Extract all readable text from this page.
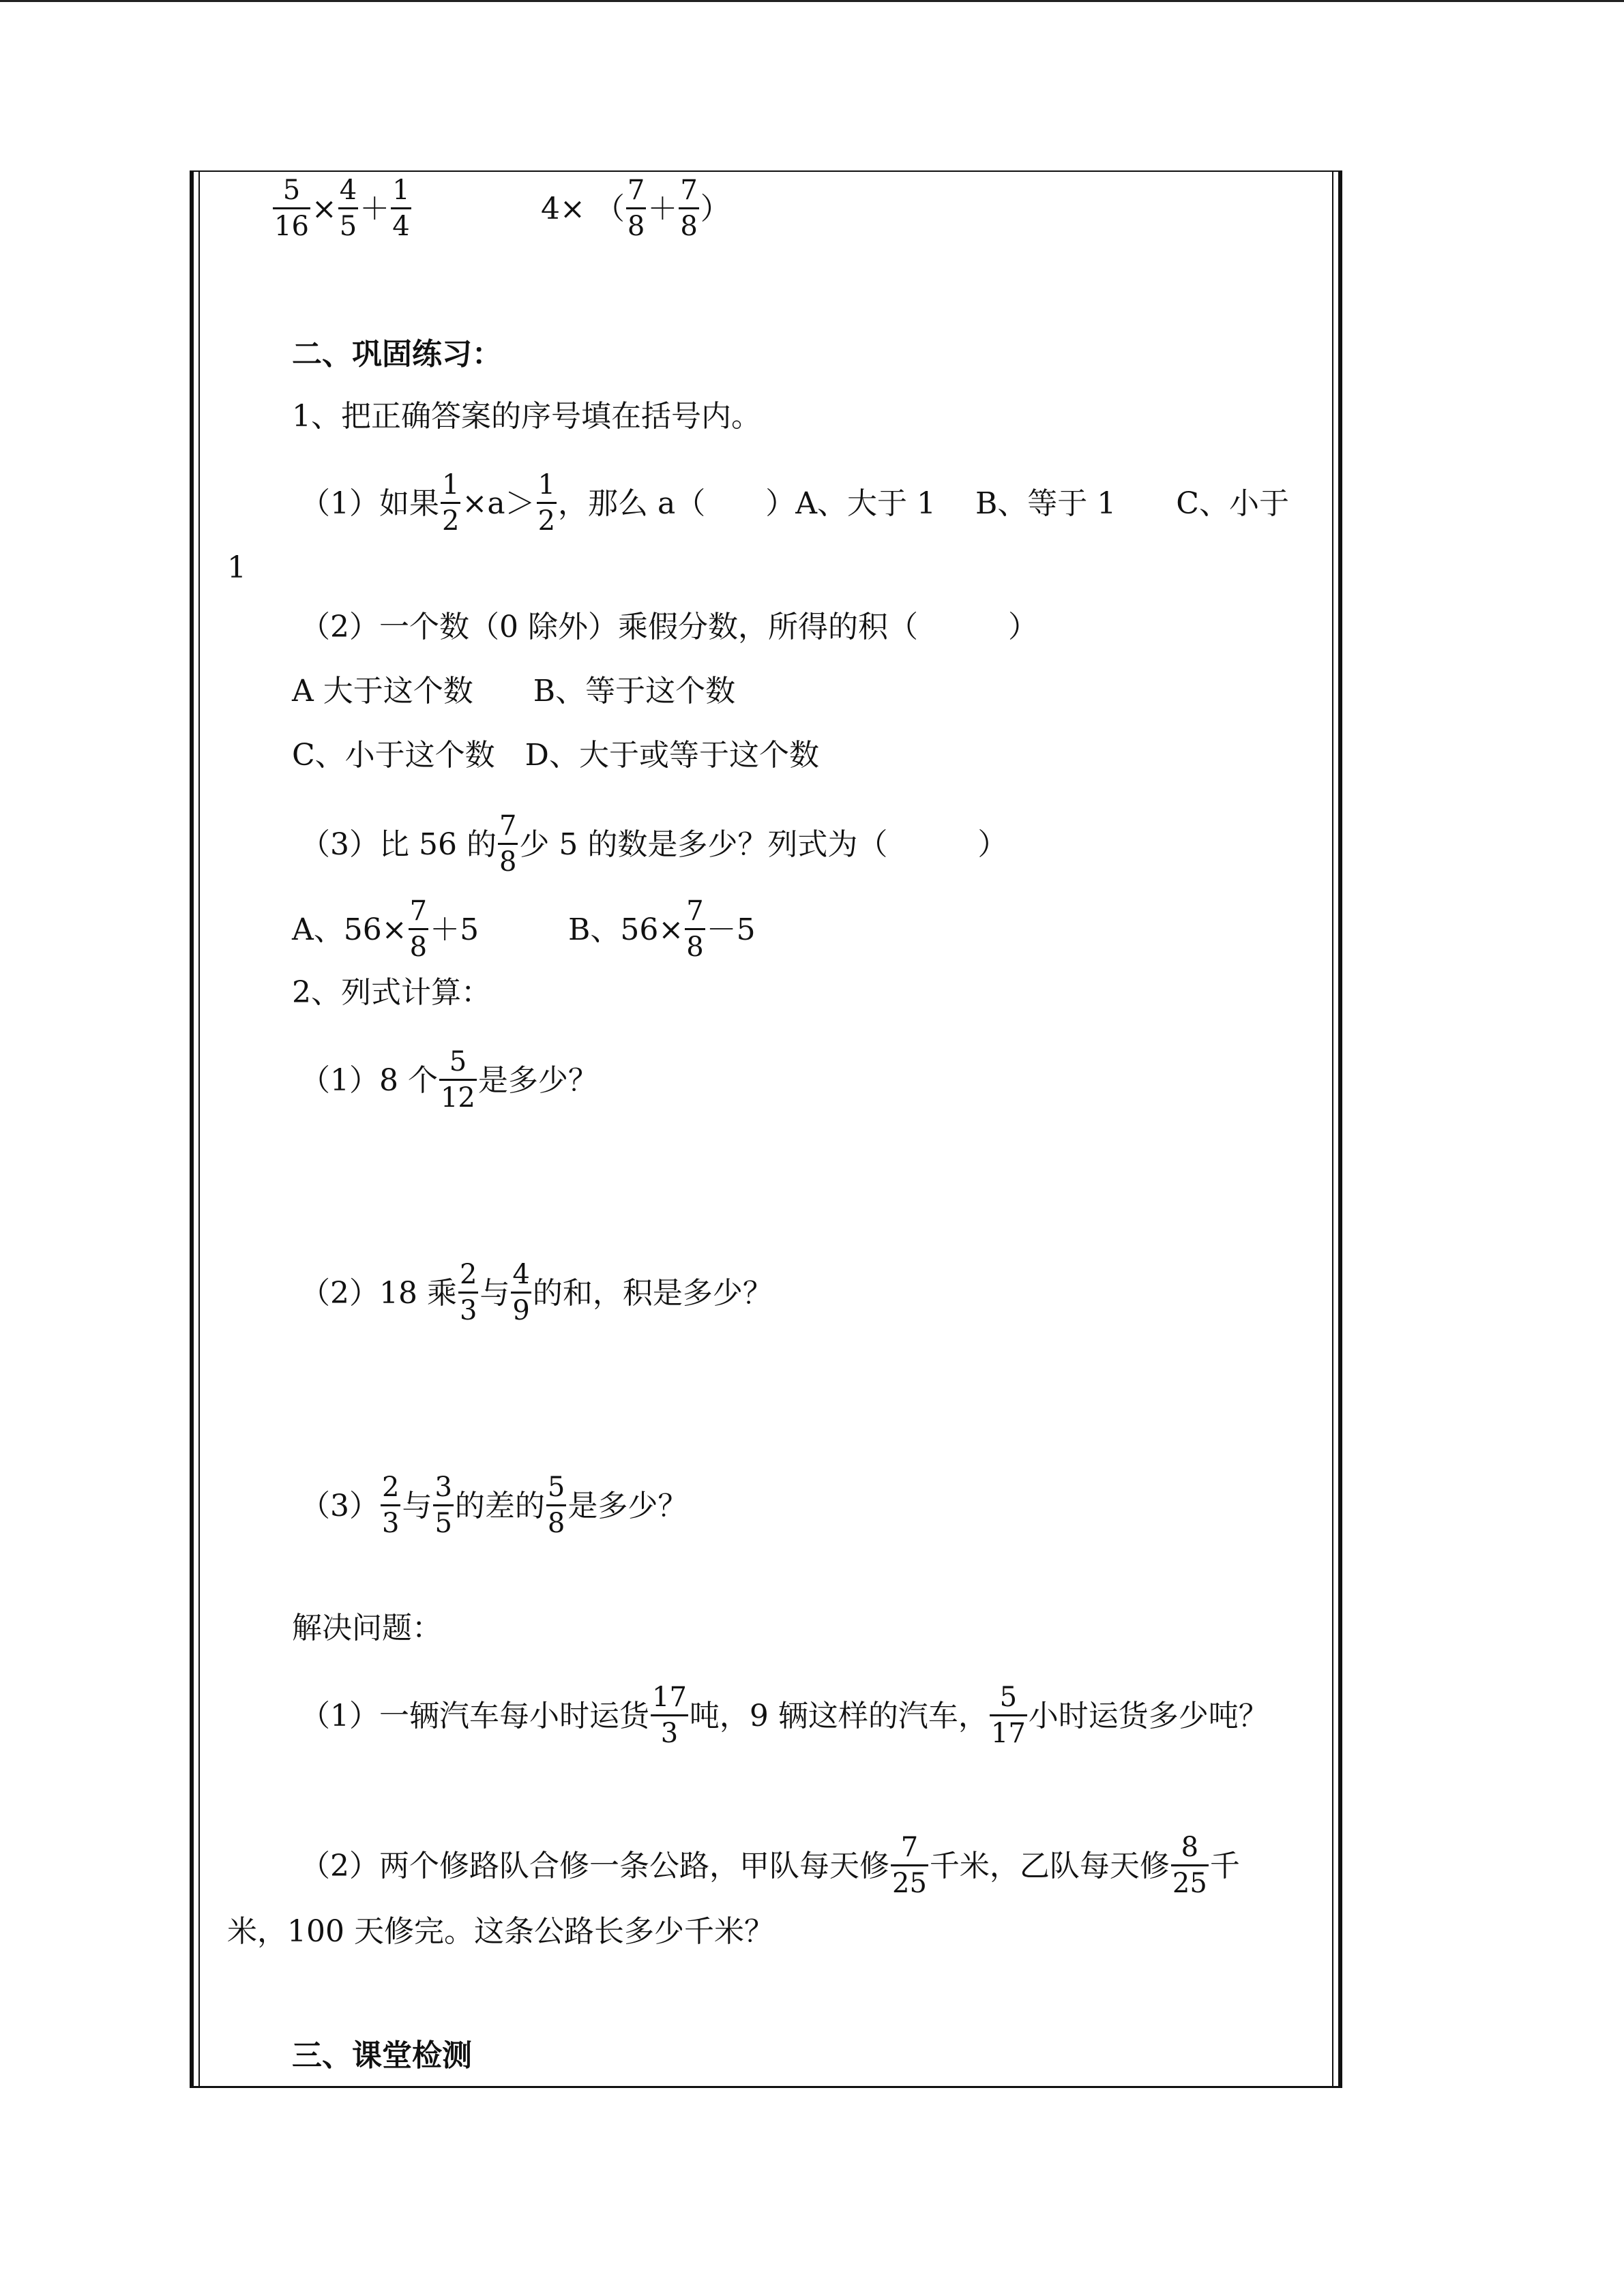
$\frac{5}{16} \times \frac{4}{5} + \frac{1}{4}$	4× （ $\frac{7}{8} + \frac{7}{8}$ ）
二、巩固练习：
1、把正确答案的序号填在括号内。
（1）如果 $\frac{1}{2} \times a> \frac{1}{2}$ ，那么 a（　　）A、大于 1　 B、等于 1　　C、小于
1
（2）一个数（0 除外）乘假分数，所得的积（　　　）
A 大于这个数　　B、等于这个数
C、小于这个数　D、大于或等于这个数
（3）比 56 的 $\frac{7}{8}$ 少 5 的数是多少？列式为（　　　）
A、$56\times \frac{7}{8} +5$	B、$56\times \frac{7}{8} -5$
2、列式计算：
（1）8 个 $\frac{5}{12}$ 是多少？
（2）18 乘 $\frac{2}{3}$ 与 $\frac{4}{9}$ 的和，积是多少？
$(3) \frac{2}{3}$ 与 $\frac{3}{5}$ 的差的 $\frac{5}{8}$ 是多少？
解决问题：
（1）一辆汽车每小时运货 $\frac{17}{3}$ 吨，9 辆这样的汽车， $\frac{5}{17}$ 小时运货多少吨？
（2）两个修路队合修一条公路，甲队每天修 $\frac{7}{25}$ 千米，乙队每天修 $\frac{8}{25}$ 千
米，100 天修完。这条公路长多少千米？
三、课堂检测
